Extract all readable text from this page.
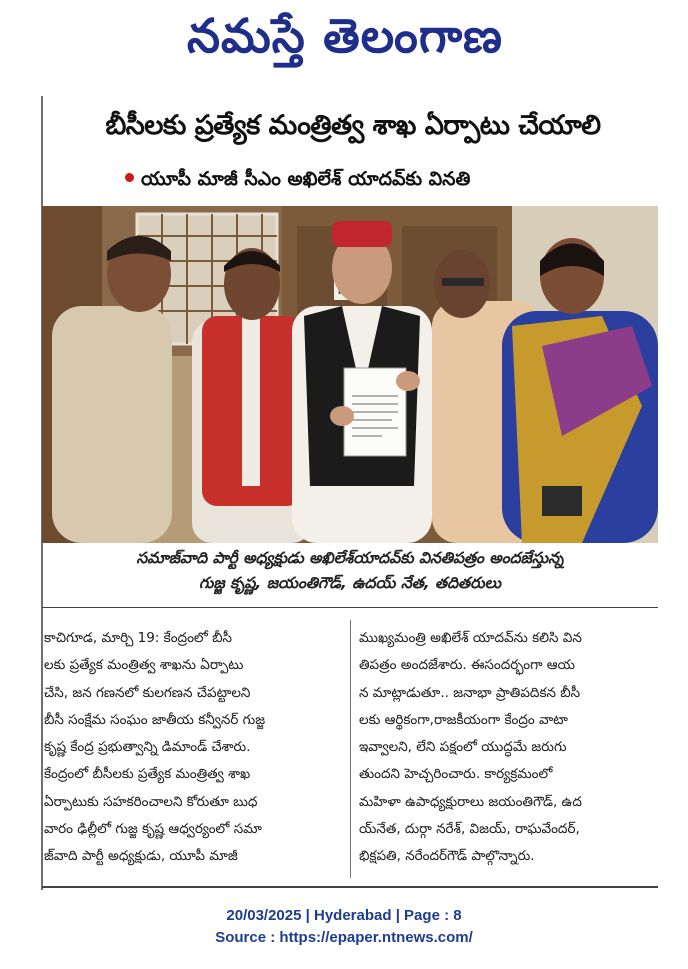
నమస్తే తెలంగాణ
బీసీలకు ప్రత్యేక మంత్రిత్వ శాఖ ఏర్పాటు చేయాలి
యూపీ మాజీ సీఎం అఖిలేశ్ యాదవ్‌కు వినతి
సమాజ్‌వాది పార్టీ అధ్యక్షుడు అఖిలేశ్‌యాదవ్‌కు వినతిపత్రం అందజేస్తున్న
గుజ్జ కృష్ణ, జయంతిగౌడ్, ఉదయ్ నేత, తదితరులు
కాచిగూడ, మార్చి 19: కేంద్రంలో బీసీ
లకు ప్రత్యేక మంత్రిత్వ శాఖను ఏర్పాటు
చేసి, జన గణనలో కులగణన చేపట్టాలని
బీసీ సంక్షేమ సంఘం జాతీయ కన్వీనర్ గుజ్జ
కృష్ణ కేంద్ర ప్రభుత్వాన్ని డిమాండ్ చేశారు.
కేంద్రంలో బీసీలకు ప్రత్యేక మంత్రిత్వ శాఖ
ఏర్పాటుకు సహకరించాలని కోరుతూ బుధ
వారం ఢిల్లీలో గుజ్జ కృష్ణ ఆధ్వర్యంలో సమా
జ్‌వాది పార్టీ అధ్యక్షుడు, యూపీ మాజీ
ముఖ్యమంత్రి అఖిలేశ్ యాదవ్‌ను కలిసి విన
తిపత్రం అందజేశారు. ఈసందర్భంగా ఆయ
న మాట్లాడుతూ.. జనాభా ప్రాతిపదికన బీసీ
లకు ఆర్థికంగా,రాజకీయంగా కేంద్రం వాటా
ఇవ్వాలని, లేని పక్షంలో యుద్ధమే జరుగు
తుందని హెచ్చరించారు. కార్యక్రమంలో
మహిళా ఉపాధ్యక్షురాలు జయంతిగౌడ్, ఉద
య్‌నేత, దుర్గా నరేశ్, విజయ్, రాఘవేందర్,
భిక్షపతి, నరేందర్‌గౌడ్ పాల్గొన్నారు.
20/03/2025 | Hyderabad | Page : 8
Source : https://epaper.ntnews.com/
